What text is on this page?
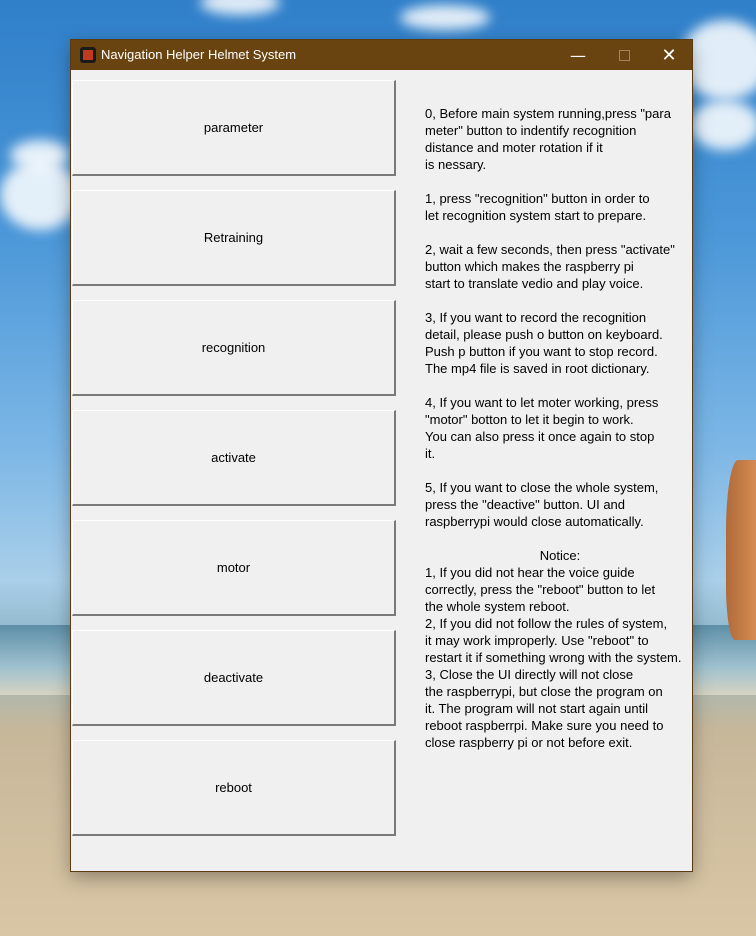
Navigation Helper Helmet System	—	✕
parameter
Retraining
recognition
activate
motor
deactivate
reboot

0, Before main system running,press "para
meter" button to indentify recognition
distance and moter rotation if it
is nessary.

1, press "recognition" button in order to
let recognition system start to prepare.

2, wait a few seconds, then press "activate"
button which makes the raspberry pi
start to translate vedio and play voice.

3, If you want to record the recognition
detail, please push o button on keyboard.
Push p button if you want to stop record.
The mp4 file is saved in root dictionary.

4, If you want to let moter working, press
"motor" botton to let it begin to work.
You can also press it once again to stop
it.

5, If you want to close the whole system,
press the "deactive" button. UI and
raspberrypi would close automatically.

Notice:

1, If you did not hear the voice guide
correctly, press the "reboot" button to let
the whole system reboot.
2, If you did not follow the rules of system,
it may work improperly. Use "reboot" to
restart it if something wrong with the system.
3, Close the UI directly will not close
the raspberrypi, but close the program on
it. The program will not start again until
reboot raspberrpi. Make sure you need to
close raspberry pi or not before exit.
